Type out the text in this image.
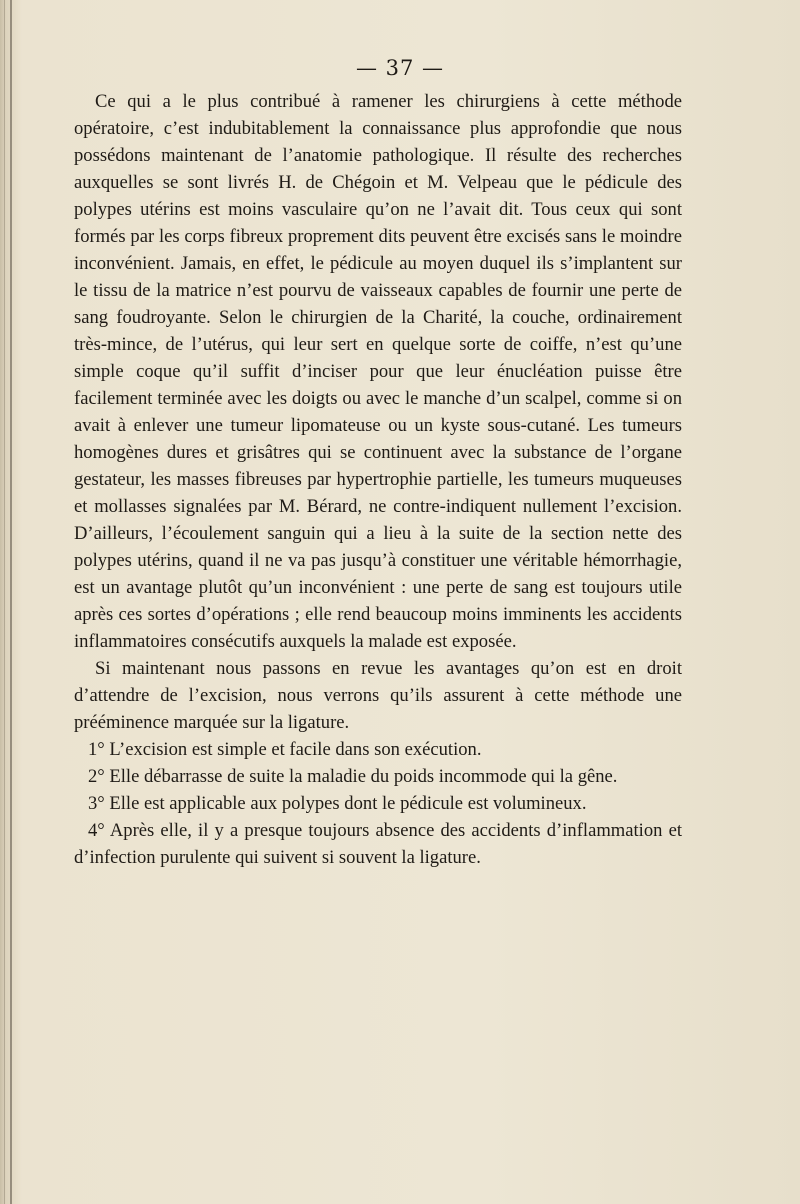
— 37 —

Ce qui a le plus contribué à ramener les chirurgiens à cette méthode opératoire, c’est indubitablement la connaissance plus approfondie que nous possédons maintenant de l’anatomie pathologique. Il résulte des recherches auxquelles se sont livrés H. de Chégoin et M. Velpeau que le pédicule des polypes utérins est moins vasculaire qu’on ne l’avait dit. Tous ceux qui sont formés par les corps fibreux proprement dits peuvent être excisés sans le moindre inconvénient. Jamais, en effet, le pédicule au moyen duquel ils s’implantent sur le tissu de la matrice n’est pourvu de vaisseaux capables de fournir une perte de sang foudroyante. Selon le chirurgien de la Charité, la couche, ordinairement très-mince, de l’utérus, qui leur sert en quelque sorte de coiffe, n’est qu’une simple coque qu’il suffit d’inciser pour que leur énucléation puisse être facilement terminée avec les doigts ou avec le manche d’un scalpel, comme si on avait à enlever une tumeur lipomateuse ou un kyste sous-cutané. Les tumeurs homogènes dures et grisâtres qui se continuent avec la substance de l’organe gestateur, les masses fibreuses par hypertrophie partielle, les tumeurs muqueuses et mollasses signalées par M. Bérard, ne contre-indiquent nullement l’excision. D’ailleurs, l’écoulement sanguin qui a lieu à la suite de la section nette des polypes utérins, quand il ne va pas jusqu’à constituer une véritable hémorrhagie, est un avantage plutôt qu’un inconvénient : une perte de sang est toujours utile après ces sortes d’opérations ; elle rend beaucoup moins imminents les accidents inflammatoires consécutifs auxquels la malade est exposée.

Si maintenant nous passons en revue les avantages qu’on est en droit d’attendre de l’excision, nous verrons qu’ils assurent à cette méthode une prééminence marquée sur la ligature.

1° L’excision est simple et facile dans son exécution.

2° Elle débarrasse de suite la maladie du poids incommode qui la gêne.

3° Elle est applicable aux polypes dont le pédicule est volumineux.

4° Après elle, il y a presque toujours absence des accidents d’inflammation et d’infection purulente qui suivent si souvent la ligature.
